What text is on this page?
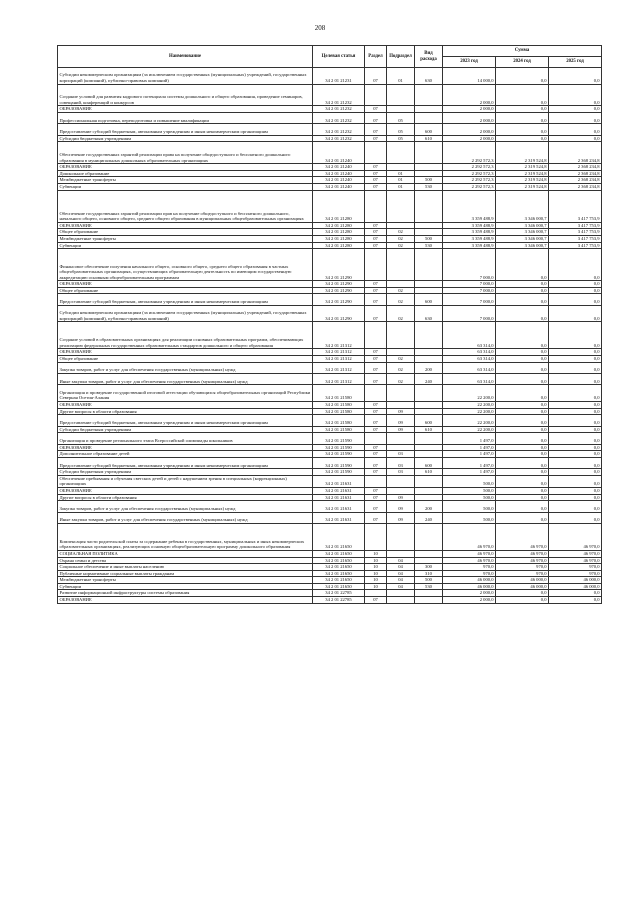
208
Наименование	Целевая статья	Раздел	Подраздел	Вид расхода	Сумма		
					2023 год	2024 год	2025 год
Субсидии некоммерческим организациям (за исключением государственных (муниципальных) учреждений, государственных корпораций (компаний), публично-правовых компаний)	34 2 01 21231	07	01	630	14 000,0	0,0	0,0
Создание условий для развития кадрового потенциала системы дошкольного и общего образования, проведение семинаров, совещаний, конференций и конкурсов	34 2 01 21232				2 000,0	0,0	0,0
ОБРАЗОВАНИЕ	34 2 01 21232	07			2 000,0	0,0	0,0
Профессиональная подготовка, переподготовка и повышение квалификации	34 2 01 21232	07	05		2 000,0	0,0	0,0
Предоставление субсидий бюджетным, автономным учреждениям и иным некоммерческим организациям	34 2 01 21232	07	05	600	2 000,0	0,0	0,0
Субсидии бюджетным учреждениям	34 2 01 21232	07	05	610	2 000,0	0,0	0,0
Обеспечение государственных гарантий реализации права на получение общедоступного и бесплатного дошкольного образования в муниципальных дошкольных образовательных организациях	34 2 01 21240				2 292 572,3	2 319 524,8	2 368 234,8
ОБРАЗОВАНИЕ	34 2 01 21240	07			2 292 572,3	2 319 524,8	2 368 234,8
Дошкольное образование	34 2 01 21240	07	01		2 292 572,3	2 319 524,8	2 368 234,8
Межбюджетные трансферты	34 2 01 21240	07	01	500	2 292 572,3	2 319 524,8	2 368 234,8
Субвенции	34 2 01 21240	07	01	530	2 292 572,3	2 319 524,8	2 368 234,8
Обеспечение государственных гарантий реализации прав на получение общедоступного и бесплатного дошкольного, начального общего, основного общего, среднего общего образования в муниципальных общеобразовательных организациях	34 2 01 21280				3 359 488,9	3 346 000,7	3 417 753,9
ОБРАЗОВАНИЕ	34 2 01 21280	07			3 359 488,9	3 346 000,7	3 417 753,9
Общее образование	34 2 01 21280	07	02		3 359 488,9	3 346 000,7	3 417 753,9
Межбюджетные трансферты	34 2 01 21280	07	02	500	3 359 488,9	3 346 000,7	3 417 753,9
Субвенции	34 2 01 21280	07	02	530	3 359 488,9	3 346 000,7	3 417 753,9
Финансовое обеспечение получения начального общего, основного общего, среднего общего образования в частных общеобразовательных организациях, осуществляющих образовательную деятельность по имеющим государственную аккредитацию основным общеобразовательным программам	34 2 01 21290				7 000,0	0,0	0,0
ОБРАЗОВАНИЕ	34 2 01 21290	07			7 000,0	0,0	0,0
Общее образование	34 2 01 21290	07	02		7 000,0	0,0	0,0
Предоставление субсидий бюджетным, автономным учреждениям и иным некоммерческим организациям	34 2 01 21290	07	02	600	7 000,0	0,0	0,0
Субсидии некоммерческим организациям (за исключением государственных (муниципальных) учреждений, государственных корпораций (компаний), публично-правовых компаний)	34 2 01 21290	07	02	630	7 000,0	0,0	0,0
Создание условий в образовательных организациях для реализации основных образовательных программ, обеспечивающих реализацию федеральных государственных образовательных стандартов дошкольного и общего образования	34 2 01 21312				63 314,0	0,0	0,0
ОБРАЗОВАНИЕ	34 2 01 21312	07			63 314,0	0,0	0,0
Общее образование	34 2 01 21312	07	02		63 314,0	0,0	0,0
Закупка товаров, работ и услуг для обеспечения государственных (муниципальных) нужд	34 2 01 21312	07	02	200	63 314,0	0,0	0,0
Иные закупки товаров, работ и услуг для обеспечения государственных (муниципальных) нужд	34 2 01 21312	07	02	240	63 314,0	0,0	0,0
Организация и проведение государственной итоговой аттестации обучающихся общеобразовательных организаций Республики Северная Осетия-Алания	34 2 01 21580				22 200,0	0,0	0,0
ОБРАЗОВАНИЕ	34 2 01 21580	07			22 200,0	0,0	0,0
Другие вопросы в области образования	34 2 01 21580	07	09		22 200,0	0,0	0,0
Предоставление субсидий бюджетным, автономным учреждениям и иным некоммерческим организациям	34 2 01 21580	07	09	600	22 200,0	0,0	0,0
Субсидии бюджетным учреждениям	34 2 01 21580	07	09	610	22 200,0	0,0	0,0
Организация и проведение регионального этапа Всероссийской олимпиады школьников	34 2 01 21590				1 497,0	0,0	0,0
ОБРАЗОВАНИЕ	34 2 01 21590	07			1 497,0	0,0	0,0
Дополнительное образование детей	34 2 01 21590	07	03		1 497,0	0,0	0,0
Предоставление субсидий бюджетным, автономным учреждениям и иным некоммерческим организациям	34 2 01 21590	07	03	600	1 497,0	0,0	0,0
Субсидии бюджетным учреждениям	34 2 01 21590	07	03	610	1 497,0	0,0	0,0
Обеспечение пребывания и обучения светских детей и детей с нарушением зрения в специальных (коррекционных) организациях	34 2 01 21631				500,0	0,0	0,0
ОБРАЗОВАНИЕ	34 2 01 21631	07			500,0	0,0	0,0
Другие вопросы в области образования	34 2 01 21631	07	09		500,0	0,0	0,0
Закупка товаров, работ и услуг для обеспечения государственных (муниципальных) нужд	34 2 01 21631	07	09	200	500,0	0,0	0,0
Иные закупки товаров, работ и услуг для обеспечения государственных (муниципальных) нужд	34 2 01 21631	07	09	240	500,0	0,0	0,0
Компенсация части родительской платы за содержание ребенка в государственных, муниципальных и иных некоммерческих образовательных организациях, реализующих основную общеобразовательную программу дошкольного образования	34 2 01 21650				46 970,0	46 970,0	46 970,0
СОЦИАЛЬНАЯ ПОЛИТИКА	34 2 01 21650	10			46 970,0	46 970,0	46 970,0
Охрана семьи и детства	34 2 01 21650	10	04		46 970,0	46 970,0	46 970,0
Социальное обеспечение и иные выплаты населению	34 2 01 21650	10	04	300	970,0	970,0	970,0
Публичные нормативные социальные выплаты гражданам	34 2 01 21650	10	04	310	970,0	970,0	970,0
Межбюджетные трансферты	34 2 01 21650	10	04	500	46 000,0	46 000,0	46 000,0
Субвенции	34 2 01 21650	10	04	530	46 000,0	46 000,0	46 000,0
Развитие информационной инфраструктуры системы образования	34 2 01 22785				2 000,0	0,0	0,0
ОБРАЗОВАНИЕ	34 2 01 22785	07			2 000,0	0,0	0,0
